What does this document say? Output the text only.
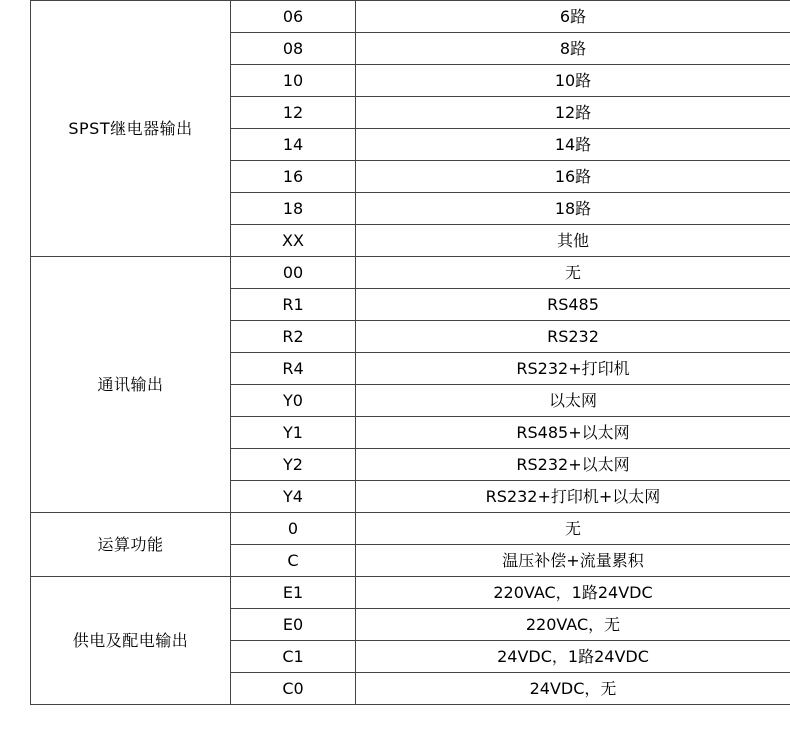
SPST继电器输出	06	6路
	08	8路
	10	10路
	12	12路
	14	14路
	16	16路
	18	18路
	XX	其他
通讯输出	00	无
	R1	RS485
	R2	RS232
	R4	RS232+打印机
	Y0	以太网
	Y1	RS485+以太网
	Y2	RS232+以太网
	Y4	RS232+打印机+以太网
运算功能	0	无
	C	温压补偿+流量累积
供电及配电输出	E1	220VAC，1路24VDC
	E0	220VAC，无
	C1	24VDC，1路24VDC
	C0	24VDC，无
